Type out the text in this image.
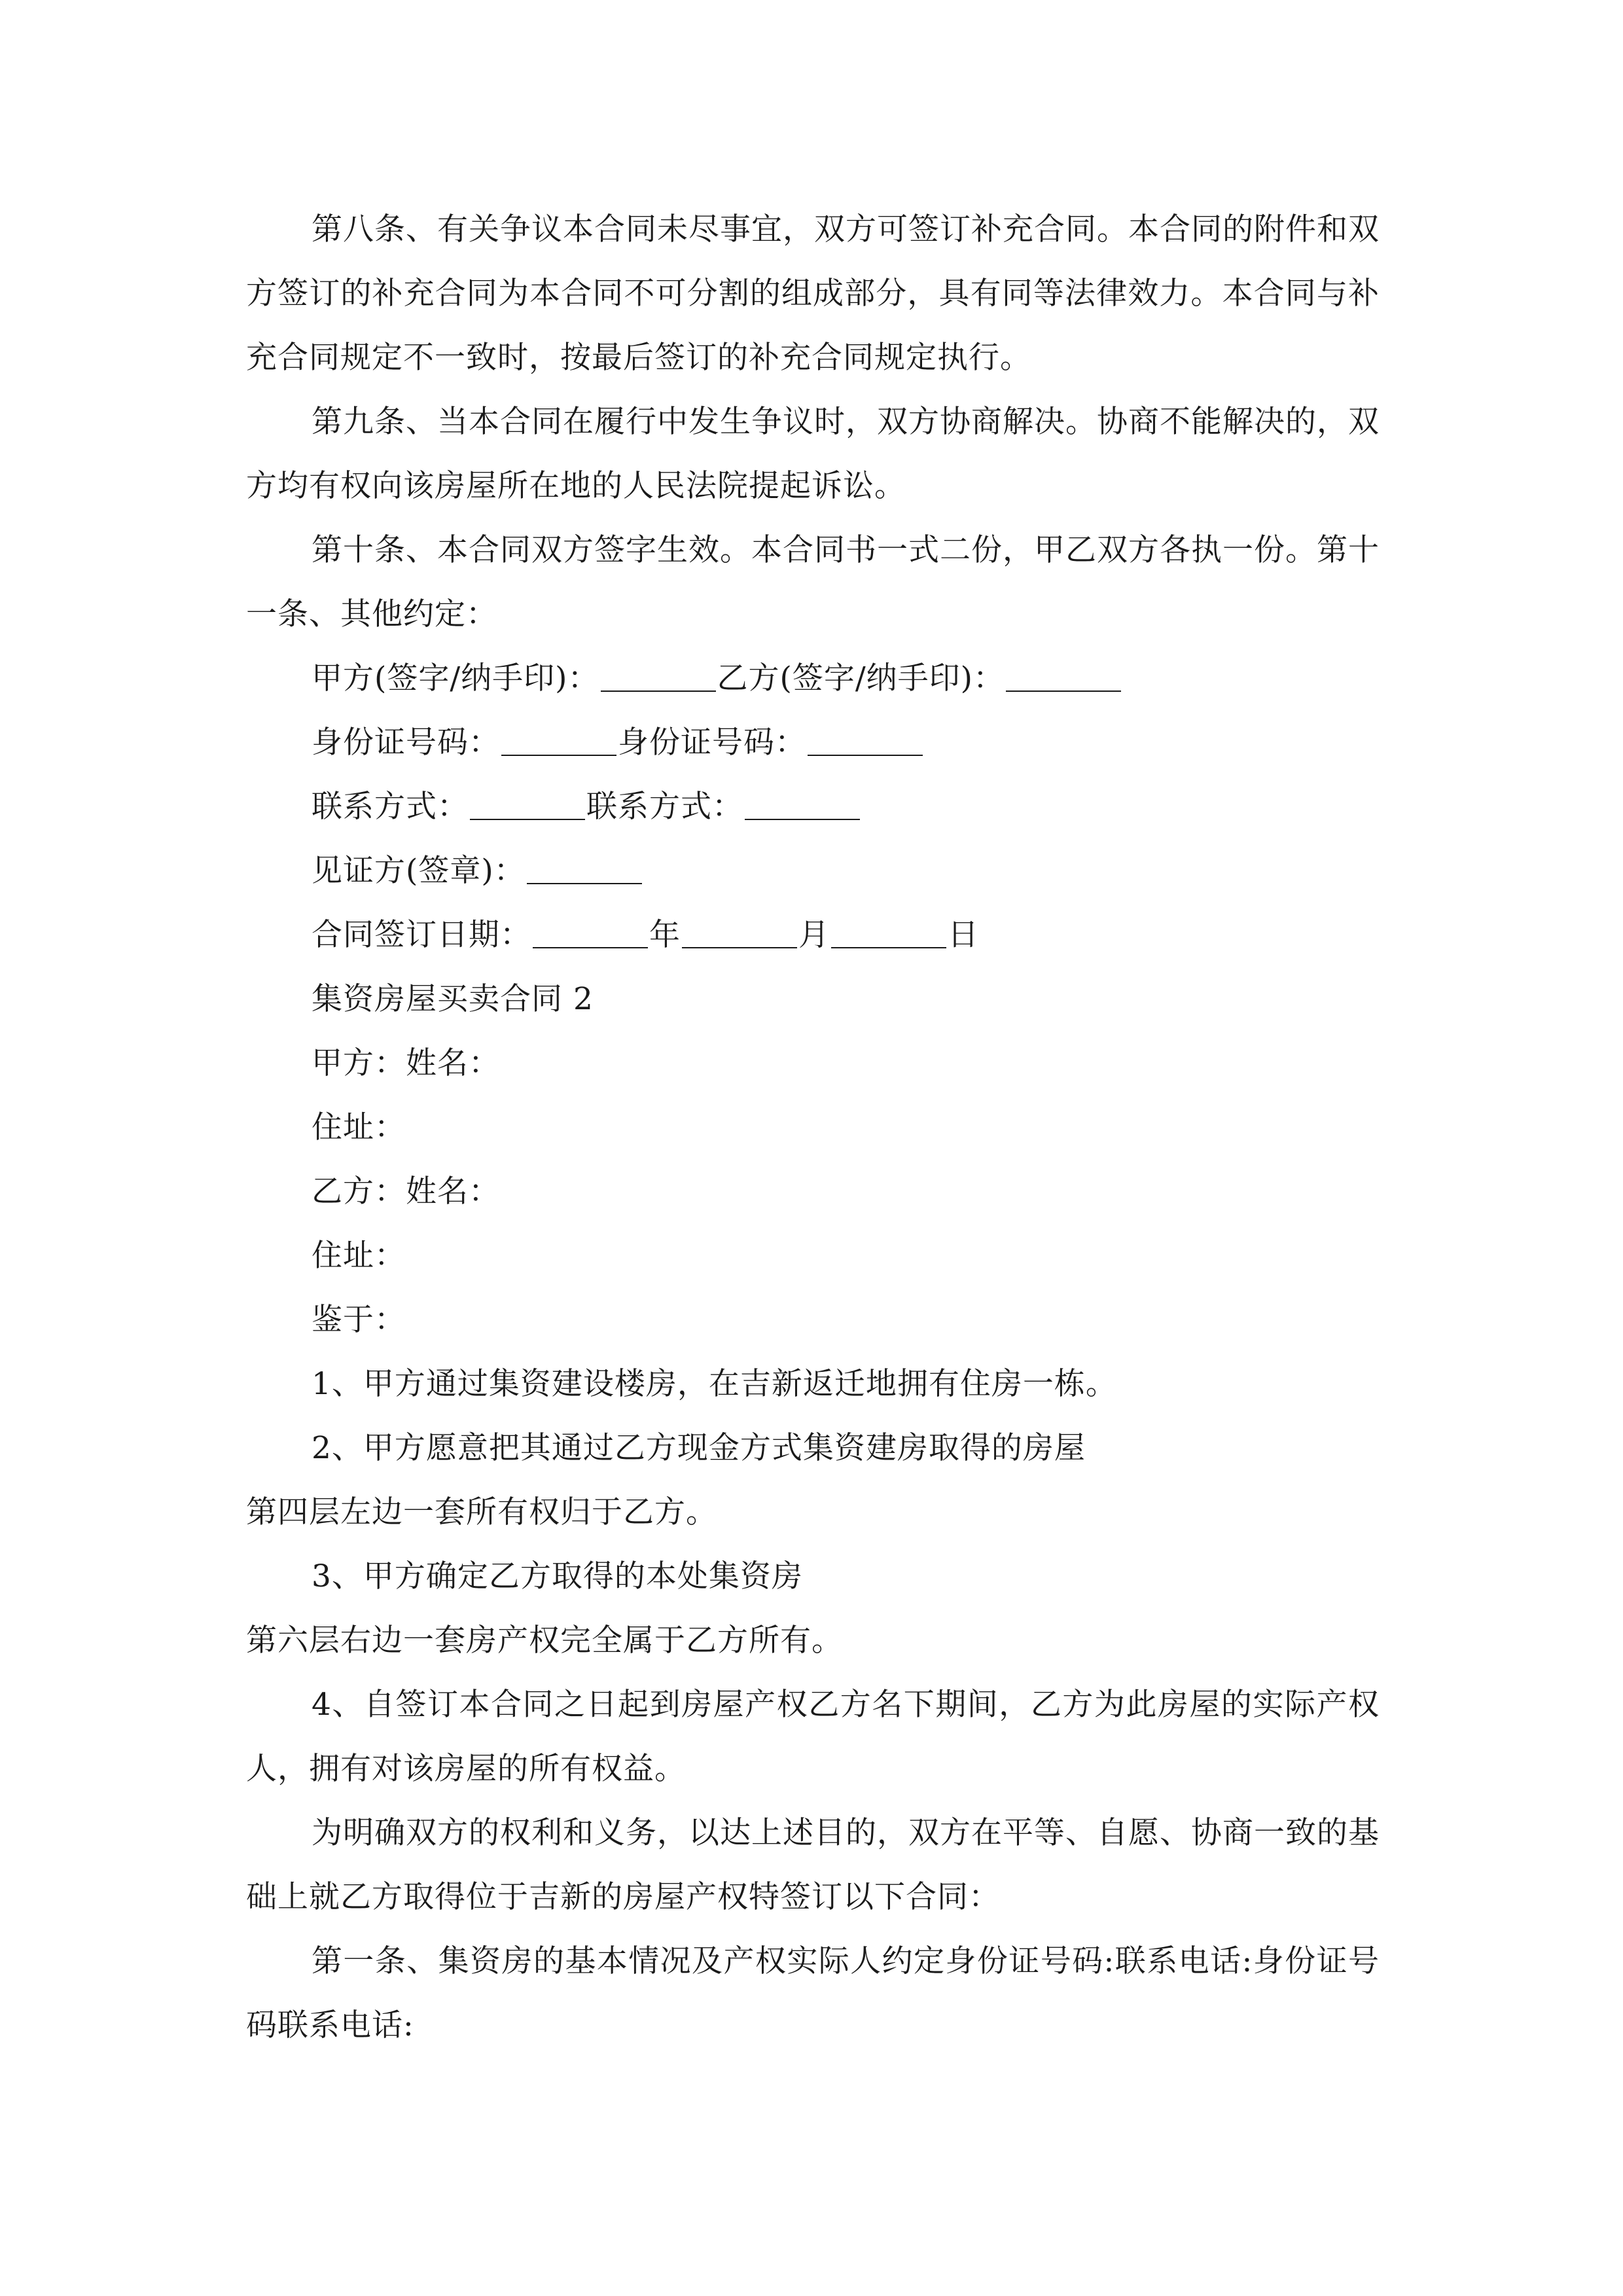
第八条、有关争议本合同未尽事宜，双方可签订补充合同。本合同的附件和双方签订的补充合同为本合同不可分割的组成部分，具有同等法律效力。本合同与补充合同规定不一致时，按最后签订的补充合同规定执行。

第九条、当本合同在履行中发生争议时，双方协商解决。协商不能解决的，双方均有权向该房屋所在地的人民法院提起诉讼。

第十条、本合同双方签字生效。本合同书一式二份，甲乙双方各执一份。第十一条、其他约定：

甲方(签字/纳手印)：	乙方(签字/纳手印)：

身份证号码：	身份证号码：

联系方式：	联系方式：

见证方(签章)：

合同签订日期：	年	月	日

集资房屋买卖合同 2

甲方：姓名：

住址：

乙方：姓名：

住址：

鉴于：

1、甲方通过集资建设楼房，在吉新返迁地拥有住房一栋。

2、甲方愿意把其通过乙方现金方式集资建房取得的房屋

第四层左边一套所有权归于乙方。

3、甲方确定乙方取得的本处集资房

第六层右边一套房产权完全属于乙方所有。

4、自签订本合同之日起到房屋产权乙方名下期间，乙方为此房屋的实际产权人，拥有对该房屋的所有权益。

为明确双方的权利和义务，以达上述目的，双方在平等、自愿、协商一致的基础上就乙方取得位于吉新的房屋产权特签订以下合同：

第一条、集资房的基本情况及产权实际人约定身份证号码:联系电话:身份证号码联系电话:
